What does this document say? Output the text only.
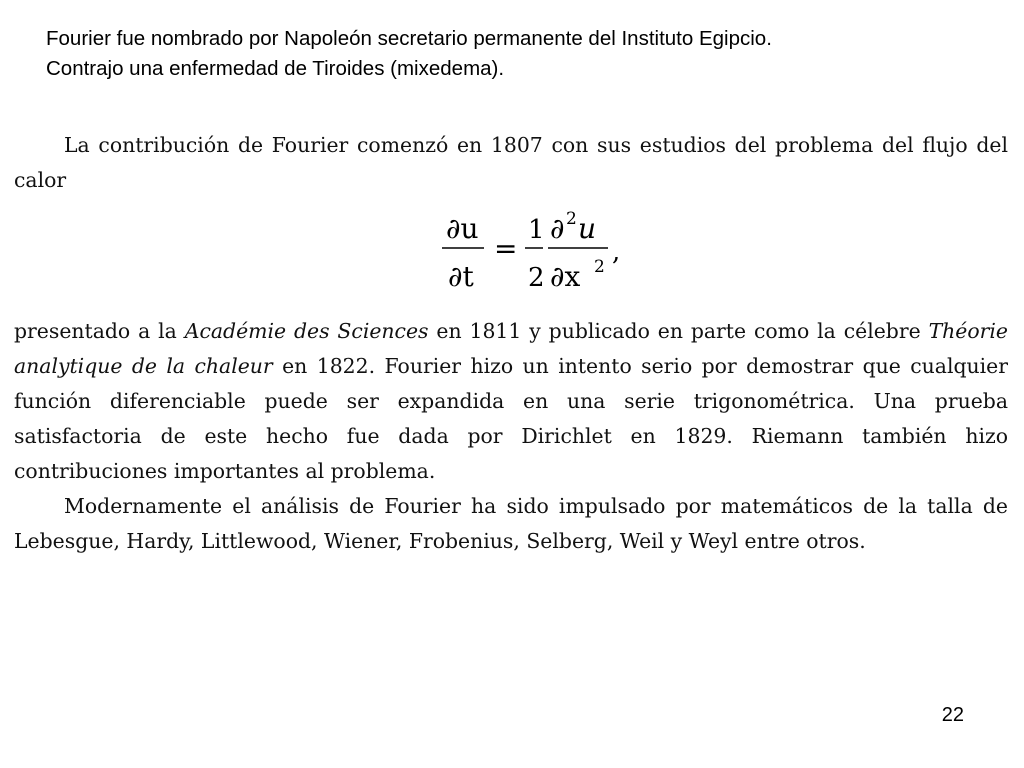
Fourier fue nombrado por Napoleón secretario permanente del Instituto Egipcio.
Contrajo una enfermedad de Tiroides (mixedema).

La contribución de Fourier comenzó en 1807 con sus estudios del problema del flujo del calor

∂u
∂t
=
1
2
∂ 2 u
∂x 2 ,

presentado a la Académie des Sciences en 1811 y publicado en parte como la célebre Théorie analytique de la chaleur en 1822. Fourier hizo un intento serio por demostrar que cualquier función diferenciable puede ser expandida en una serie trigonométrica. Una prueba satisfactoria de este hecho fue dada por Dirichlet en 1829. Riemann también hizo contribuciones importantes al problema.

Modernamente el análisis de Fourier ha sido impulsado por matemáticos de la talla de Lebesgue, Hardy, Littlewood, Wiener, Frobenius, Selberg, Weil y Weyl entre otros.

22
